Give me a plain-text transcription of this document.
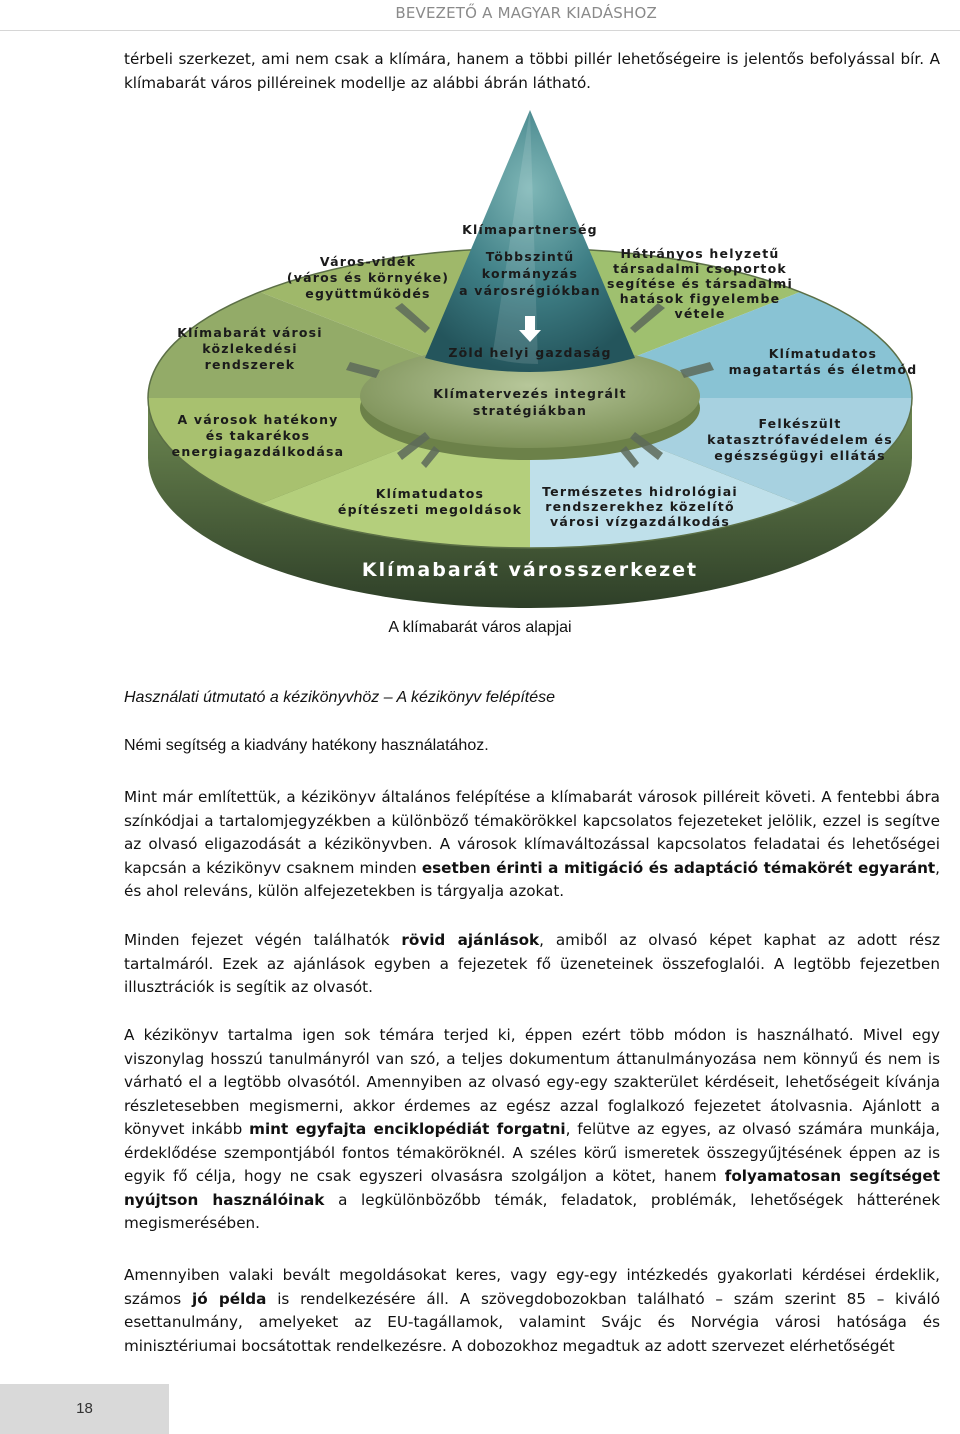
BEVEZETŐ A MAGYAR KIADÁSHOZ
térbeli szerkezet, ami nem csak a klímára, hanem a többi pillér lehetőségeire is jelentős befolyással bír. A klímabarát város pilléreinek modellje az alábbi ábrán látható.
Klímapartnerség
Többszintű
kormányzás
a városrégiókban
Zöld helyi gazdaság
Klímatervezés integrált
stratégiákban
Város-vidék
(város és környéke)
együttműködés
Hátrányos helyzetű
társadalmi csoportok
segítése és társadalmi
hatások figyelembe
vétele
Klímabarát városi
közlekedési
rendszerek
Klímatudatos
magatartás és életmód
A városok hatékony
és takarékos
energiagazdálkodása
Felkészült
katasztrófavédelem és
egészségügyi ellátás
Klímatudatos
építészeti megoldások
Természetes hidrológiai
rendszerekhez közelítő
városi vízgazdálkodás
Klímabarát városszerkezet
A klímabarát város alapjai
Használati útmutató a kézikönyvhöz – A kézikönyv felépítése
Némi segítség a kiadvány hatékony használatához.
Mint már említettük, a kézikönyv általános felépítése a klímabarát városok pilléreit követi. A fentebbi ábra színkódjai a tartalomjegyzékben a különböző témakörökkel kapcsolatos fejezeteket jelölik, ezzel is segítve az olvasó eligazodását a kézikönyvben. A városok klímaváltozással kapcsolatos feladatai és lehetőségei kapcsán a kézikönyv csaknem minden esetben érinti a mitigáció és adaptáció témakörét egyaránt, és ahol releváns, külön alfejezetekben is tárgyalja azokat.
Minden fejezet végén találhatók rövid ajánlások, amiből az olvasó képet kaphat az adott rész tartalmáról. Ezek az ajánlások egyben a fejezetek fő üzeneteinek összefoglalói. A legtöbb fejezetben illusztrációk is segítik az olvasót.
A kézikönyv tartalma igen sok témára terjed ki, éppen ezért több módon is használható. Mivel egy viszonylag hosszú tanulmányról van szó, a teljes dokumentum áttanulmányozása nem könnyű és nem is várható el a legtöbb olvasótól. Amennyiben az olvasó egy-egy szakterület kérdéseit, lehetőségeit kívánja részletesebben megismerni, akkor érdemes az egész azzal foglalkozó fejezetet átolvasnia. Ajánlott a könyvet inkább mint egyfajta enciklopédiát forgatni, felütve az egyes, az olvasó számára munkája, érdeklődése szempontjából fontos témaköröknél. A széles körű ismeretek összegyűjtésének éppen az is egyik fő célja, hogy ne csak egyszeri olvasásra szolgáljon a kötet, hanem folyamatosan segítséget nyújtson használóinak a legkülönbözőbb témák, feladatok, problémák, lehetőségek hátterének megismerésében.
Amennyiben valaki bevált megoldásokat keres, vagy egy-egy intézkedés gyakorlati kérdései érdeklik, számos jó példa is rendelkezésére áll. A szövegdobozokban található – szám szerint 85 – kiváló esettanulmány, amelyeket az EU-tagállamok, valamint Svájc és Norvégia városi hatósága és minisztériumai bocsátottak rendelkezésre. A dobozokhoz megadtuk az adott szervezet elérhetőségét
18
